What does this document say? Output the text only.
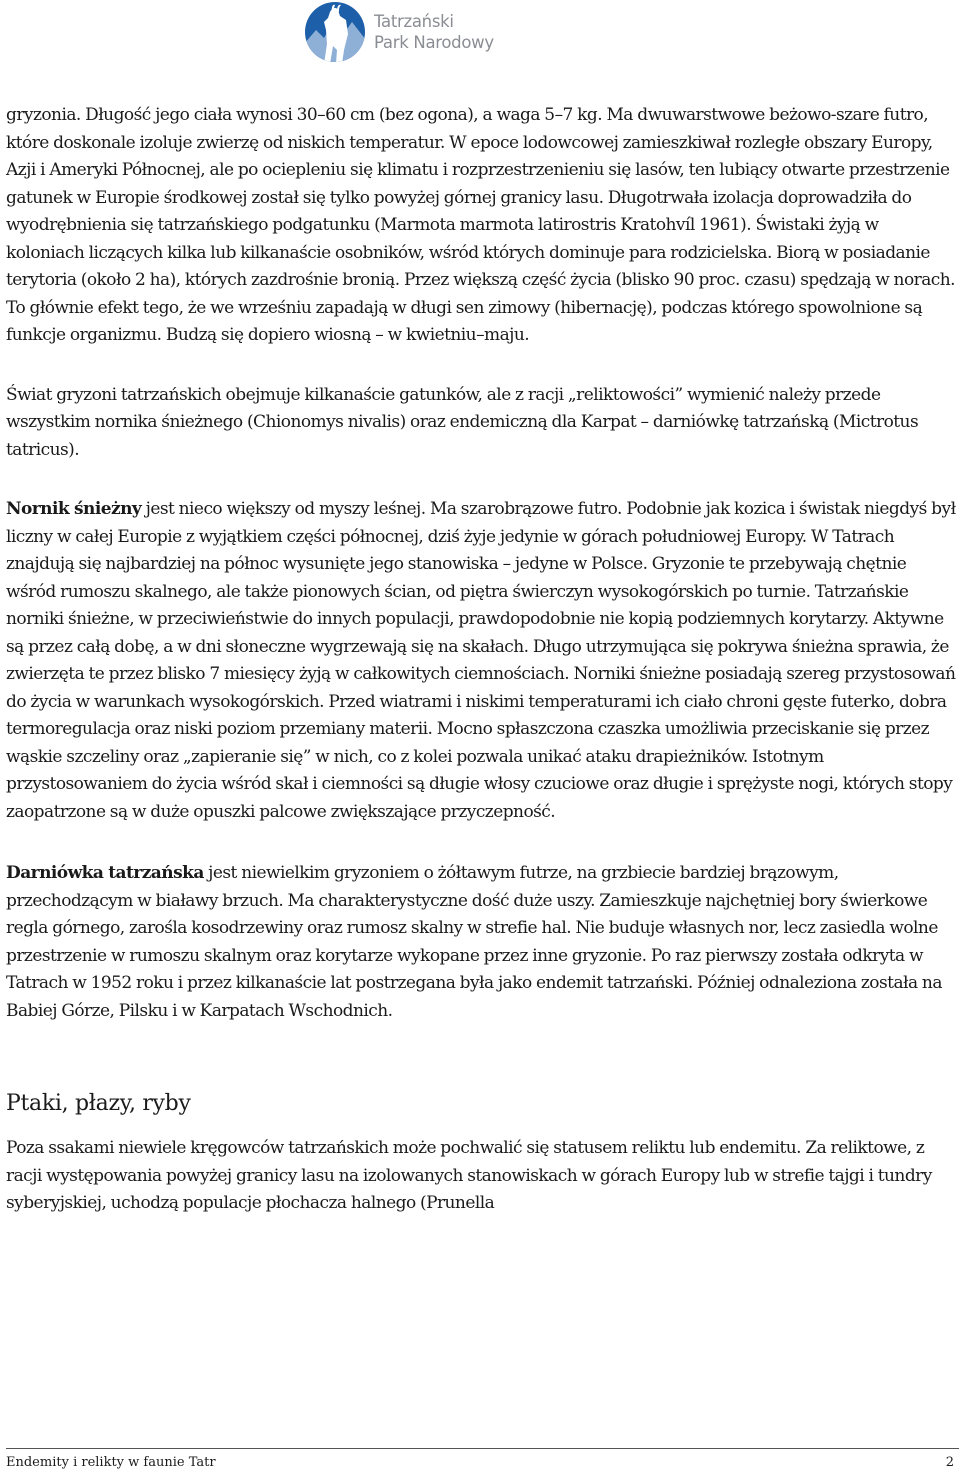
Tatrzański
Park Narodowy

gryzonia. Długość jego ciała wynosi 30–60 cm (bez ogona), a waga 5–7 kg. Ma dwuwarstwowe beżowo-szare futro, które doskonale izoluje zwierzę od niskich temperatur. W epoce lodowcowej zamieszkiwał rozległe obszary Europy, Azji i Ameryki Północnej, ale po ociepleniu się klimatu i rozprzestrzenieniu się lasów, ten lubiący otwarte przestrzenie gatunek w Europie środkowej został się tylko powyżej górnej granicy lasu. Długotrwała izolacja doprowadziła do wyodrębnienia się tatrzańskiego podgatunku (Marmota marmota latirostris Kratohvíl 1961). Świstaki żyją w koloniach liczących kilka lub kilkanaście osobników, wśród których dominuje para rodzicielska. Biorą w posiadanie terytoria (około 2 ha), których zazdrośnie bronią. Przez większą część życia (blisko 90 proc. czasu) spędzają w norach. To głównie efekt tego, że we wrześniu zapadają w długi sen zimowy (hibernację), podczas którego spowolnione są funkcje organizmu. Budzą się dopiero wiosną – w kwietniu–maju.

Świat gryzoni tatrzańskich obejmuje kilkanaście gatunków, ale z racji „reliktowości” wymienić należy przede wszystkim nornika śnieżnego (Chionomys nivalis) oraz endemiczną dla Karpat – darniówkę tatrzańską (Mictrotus tatricus).

Nornik śnieżny jest nieco większy od myszy leśnej. Ma szarobrązowe futro. Podobnie jak kozica i świstak niegdyś był liczny w całej Europie z wyjątkiem części północnej, dziś żyje jedynie w górach południowej Europy. W Tatrach znajdują się najbardziej na północ wysunięte jego stanowiska – jedyne w Polsce. Gryzonie te przebywają chętnie wśród rumoszu skalnego, ale także pionowych ścian, od piętra świerczyn wysokogórskich po turnie. Tatrzańskie norniki śnieżne, w przeciwieństwie do innych populacji, prawdopodobnie nie kopią podziemnych korytarzy. Aktywne są przez całą dobę, a w dni słoneczne wygrzewają się na skałach. Długo utrzymująca się pokrywa śnieżna sprawia, że zwierzęta te przez blisko 7 miesięcy żyją w całkowitych ciemnościach. Norniki śnieżne posiadają szereg przystosowań do życia w warunkach wysokogórskich. Przed wiatrami i niskimi temperaturami ich ciało chroni gęste futerko, dobra termoregulacja oraz niski poziom przemiany materii. Mocno spłaszczona czaszka umożliwia przeciskanie się przez wąskie szczeliny oraz „zapieranie się” w nich, co z kolei pozwala unikać ataku drapieżników. Istotnym przystosowaniem do życia wśród skał i ciemności są długie włosy czuciowe oraz długie i sprężyste nogi, których stopy zaopatrzone są w duże opuszki palcowe zwiększające przyczepność.

Darniówka tatrzańska jest niewielkim gryzoniem o żółtawym futrze, na grzbiecie bardziej brązowym, przechodzącym w białawy brzuch. Ma charakterystyczne dość duże uszy. Zamieszkuje najchętniej bory świerkowe regla górnego, zarośla kosodrzewiny oraz rumosz skalny w strefie hal. Nie buduje własnych nor, lecz zasiedla wolne przestrzenie w rumoszu skalnym oraz korytarze wykopane przez inne gryzonie. Po raz pierwszy została odkryta w Tatrach w 1952 roku i przez kilkanaście lat postrzegana była jako endemit tatrzański. Później odnaleziona została na Babiej Górze, Pilsku i w Karpatach Wschodnich.

Ptaki, płazy, ryby

Poza ssakami niewiele kręgowców tatrzańskich może pochwalić się statusem reliktu lub endemitu. Za reliktowe, z racji występowania powyżej granicy lasu na izolowanych stanowiskach w górach Europy lub w strefie tajgi i tundry syberyjskiej, uchodzą populacje płochacza halnego (Prunella

Endemity i relikty w faunie Tatr	2
